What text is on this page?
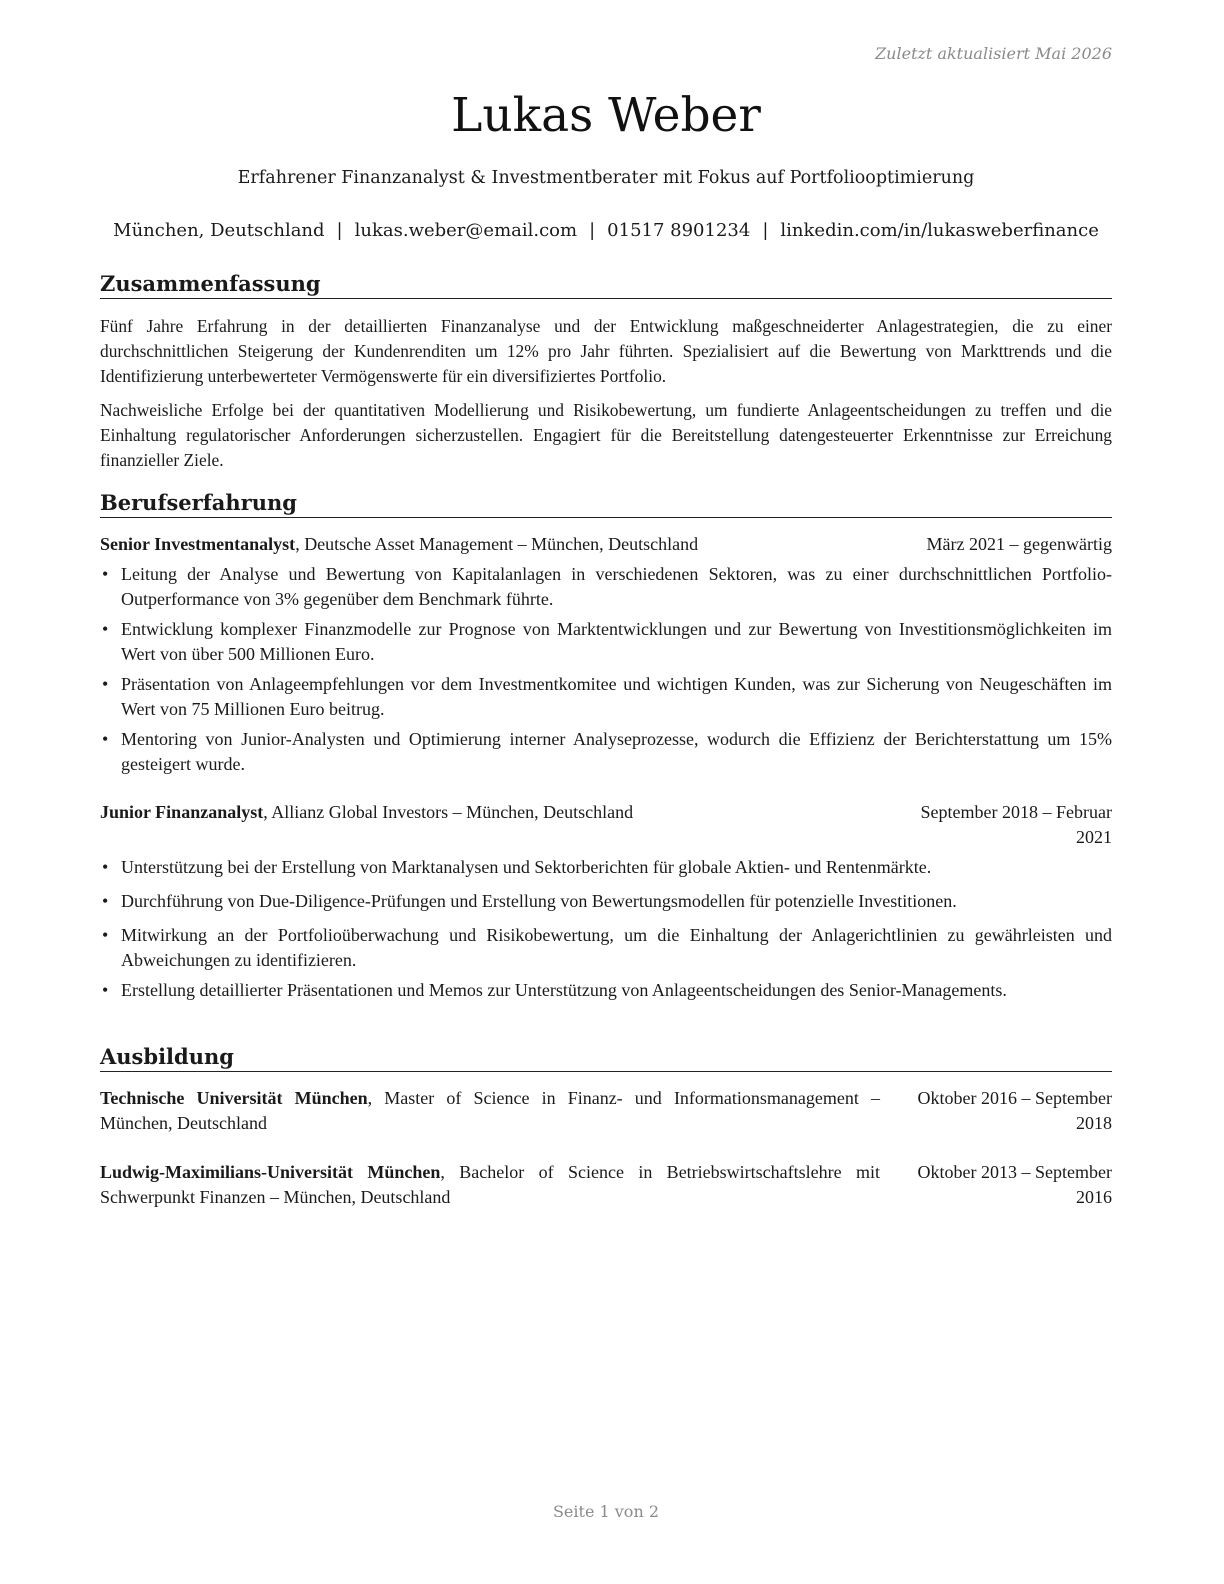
Zuletzt aktualisiert Mai 2026
Lukas Weber
Erfahrener Finanzanalyst & Investmentberater mit Fokus auf Portfoliooptimierung
München, Deutschland | lukas.weber@email.com | 01517 8901234 | linkedin.com/in/lukasweberfinance
Zusammenfassung

Fünf Jahre Erfahrung in der detaillierten Finanzanalyse und der Entwicklung maßgeschneiderter Anlagestrategien, die zu einer durchschnittlichen Steigerung der Kundenrenditen um 12% pro Jahr führten. Spezialisiert auf die Bewertung von Markttrends und die Identifizierung unterbewerteter Vermögenswerte für ein diversifiziertes Portfolio.

Nachweisliche Erfolge bei der quantitativen Modellierung und Risikobewertung, um fundierte Anlageentscheidungen zu treffen und die Einhaltung regulatorischer Anforderungen sicherzustellen. Engagiert für die Bereitstellung datengesteuerter Erkenntnisse zur Erreichung finanzieller Ziele.

Berufserfahrung
Senior Investmentanalyst, Deutsche Asset Management – München, Deutschland	März 2021 – gegenwärtig
• Leitung der Analyse und Bewertung von Kapitalanlagen in verschiedenen Sektoren, was zu einer durchschnittlichen Portfolio-Outperformance von 3% gegenüber dem Benchmark führte.
• Entwicklung komplexer Finanzmodelle zur Prognose von Marktentwicklungen und zur Bewertung von Investitionsmöglichkeiten im Wert von über 500 Millionen Euro.
• Präsentation von Anlageempfehlungen vor dem Investmentkomitee und wichtigen Kunden, was zur Sicherung von Neugeschäften im Wert von 75 Millionen Euro beitrug.
• Mentoring von Junior-Analysten und Optimierung interner Analyseprozesse, wodurch die Effizienz der Berichterstattung um 15% gesteigert wurde.
Junior Finanzanalyst, Allianz Global Investors – München, Deutschland	September 2018 – Februar
2021
• Unterstützung bei der Erstellung von Marktanalysen und Sektorberichten für globale Aktien- und Rentenmärkte.
• Durchführung von Due-Diligence-Prüfungen und Erstellung von Bewertungsmodellen für potenzielle Investitionen.
• Mitwirkung an der Portfolioüberwachung und Risikobewertung, um die Einhaltung der Anlagerichtlinien zu gewährleisten und Abweichungen zu identifizieren.
• Erstellung detaillierter Präsentationen und Memos zur Unterstützung von Anlageentscheidungen des Senior-Managements.
Ausbildung
Technische Universität München, Master of Science in Finanz- und Informationsmanagement – München, Deutschland
Oktober 2016 – September
2018
Ludwig-Maximilians-Universität München, Bachelor of Science in Betriebswirtschaftslehre mit Schwerpunkt Finanzen – München, Deutschland
Oktober 2013 – September
2016
Seite 1 von 2
